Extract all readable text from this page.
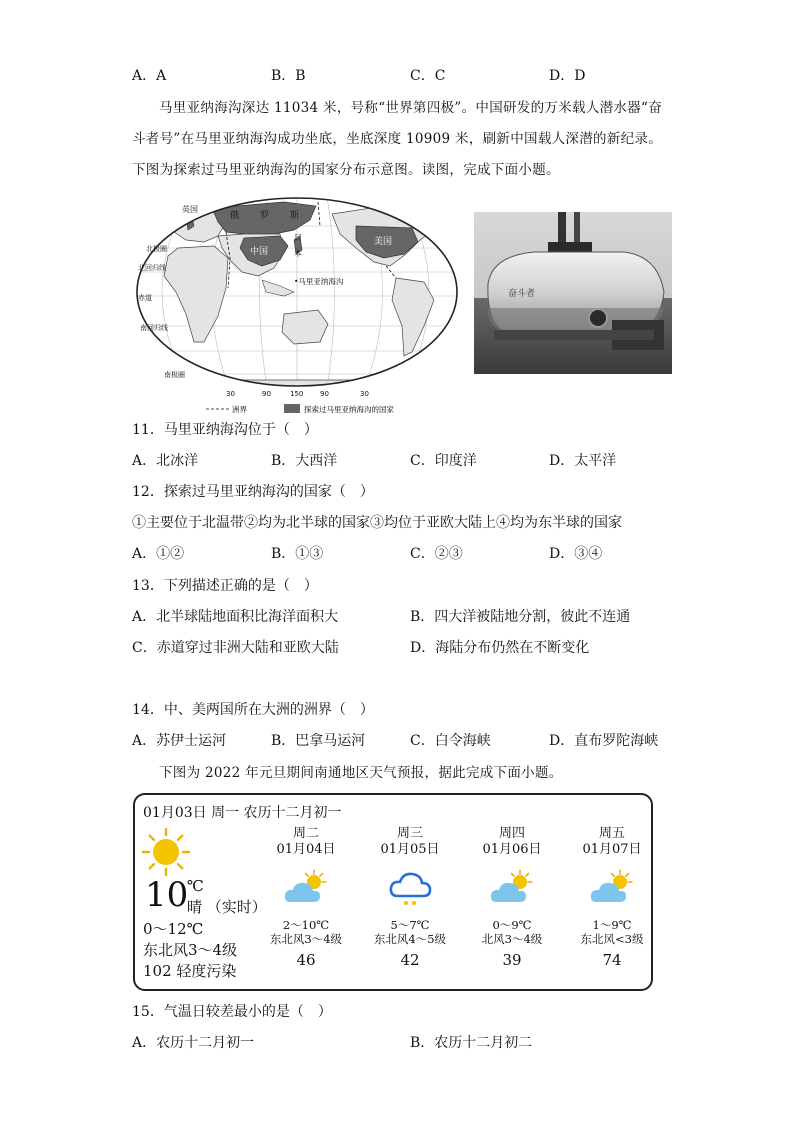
A．A	B．B	C．C	D．D
马里亚纳海沟深达 11034 米，号称“世界第四极”。中国研发的万米载人潜水器“奋
斗者号”在马里亚纳海沟成功坐底，坐底深度 10909 米，刷新中国载人深潜的新纪录。
下图为探索过马里亚纳海沟的国家分布示意图。读图，完成下面小题。
英国
俄 罗 斯
日
本
中国
美国
•马里亚纳海沟
北极圈
北回归线
赤道
南回归线
南极圈
30	90	150 90	30
洲界	探索过马里亚纳海沟的国家
奋斗者
11．马里亚纳海沟位于（　）
A．北冰洋	B．大西洋	C．印度洋	D．太平洋
12．探索过马里亚纳海沟的国家（　）
①主要位于北温带②均为北半球的国家③均位于亚欧大陆上④均为东半球的国家
A．①②	B．①③	C．②③	D．③④
13．下列描述正确的是（　）
A．北半球陆地面积比海洋面积大	B．四大洋被陆地分割，彼此不连通
C．赤道穿过非洲大陆和亚欧大陆	D．海陆分布仍然在不断变化
14．中、美两国所在大洲的洲界（　）
A．苏伊士运河	B．巴拿马运河	C．白令海峡	D．直布罗陀海峡
下图为 2022 年元旦期间南通地区天气预报，据此完成下面小题。
01月03日 周一 农历十二月初一
10
℃
晴 （实时）
0～12℃
东北风3～4级
102 轻度污染
周二
01月04日
2～10℃
东北风3～4级
46
周三
01月05日
5～7℃
东北风4～5级
42
周四
01月06日
0～9℃
北风3～4级
39
周五
01月07日
1～9℃
东北风<3级
74
15．气温日较差最小的是（　）
A．农历十二月初一	B．农历十二月初二
